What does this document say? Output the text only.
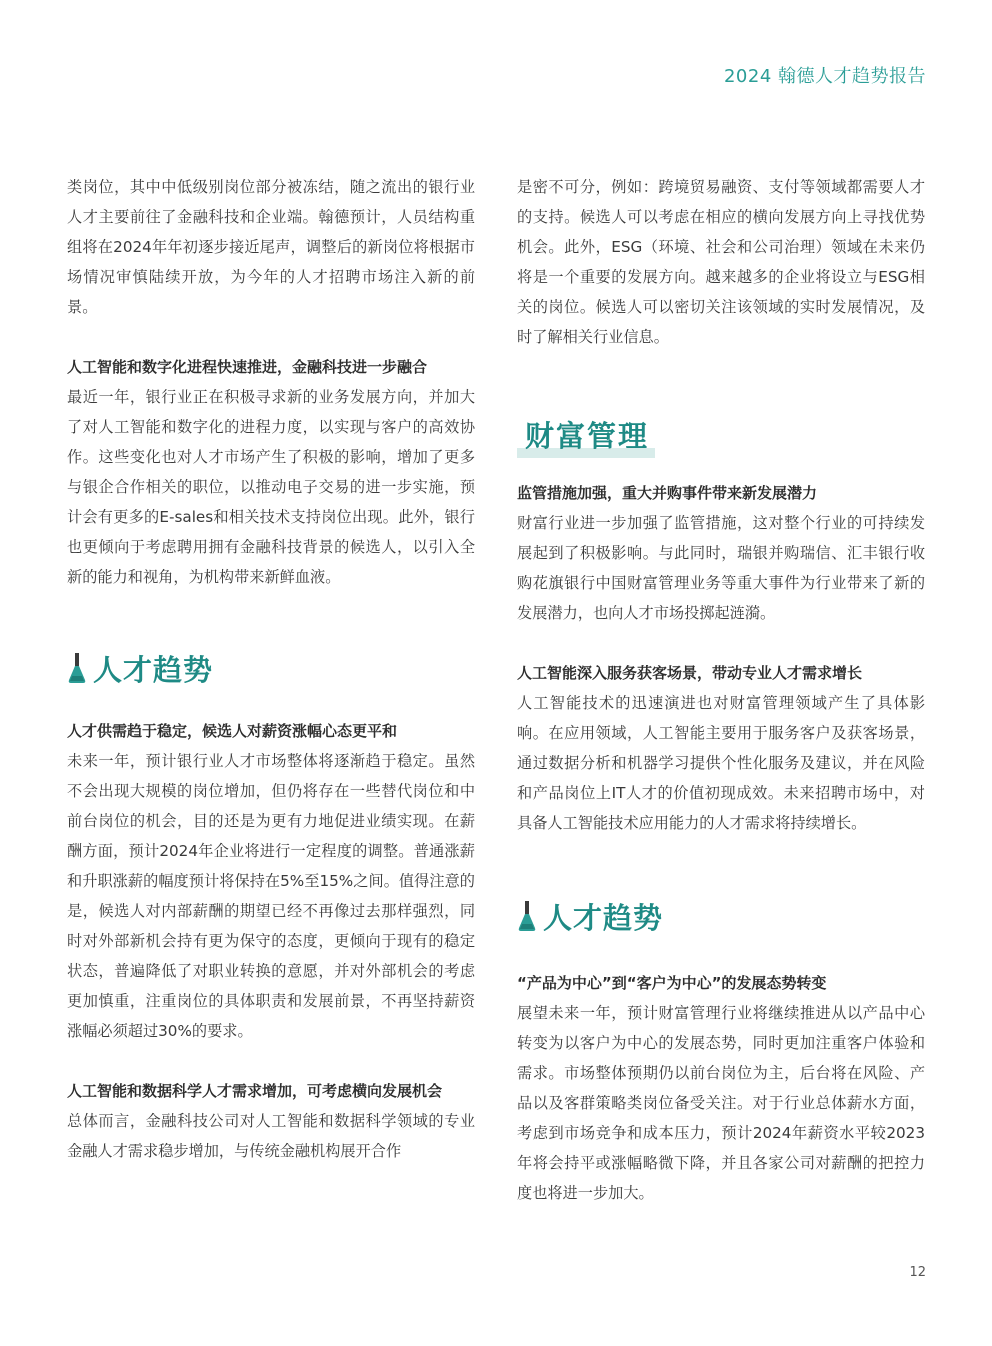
2024 翰德人才趋势报告

类岗位，其中中低级别岗位部分被冻结，随之流出的银行业人才主要前往了金融科技和企业端。翰德预计，人员结构重组将在2024年年初逐步接近尾声，调整后的新岗位将根据市场情况审慎陆续开放，为今年的人才招聘市场注入新的前景。

人工智能和数字化进程快速推进，金融科技进一步融合

最近一年，银行业正在积极寻求新的业务发展方向，并加大了对人工智能和数字化的进程力度，以实现与客户的高效协作。这些变化也对人才市场产生了积极的影响，增加了更多与银企合作相关的职位，以推动电子交易的进一步实施，预计会有更多的E-sales和相关技术支持岗位出现。此外，银行也更倾向于考虑聘用拥有金融科技背景的候选人，以引入全新的能力和视角，为机构带来新鲜血液。

人才趋势

人才供需趋于稳定，候选人对薪资涨幅心态更平和

未来一年，预计银行业人才市场整体将逐渐趋于稳定。虽然不会出现大规模的岗位增加，但仍将存在一些替代岗位和中前台岗位的机会，目的还是为更有力地促进业绩实现。在薪酬方面，预计2024年企业将进行一定程度的调整。普通涨薪和升职涨薪的幅度预计将保持在5%至15%之间。值得注意的是，候选人对内部薪酬的期望已经不再像过去那样强烈，同时对外部新机会持有更为保守的态度，更倾向于现有的稳定状态，普遍降低了对职业转换的意愿，并对外部机会的考虑更加慎重，注重岗位的具体职责和发展前景，不再坚持薪资涨幅必须超过30%的要求。

人工智能和数据科学人才需求增加，可考虑横向发展机会

总体而言，金融科技公司对人工智能和数据科学领域的专业金融人才需求稳步增加，与传统金融机构展开合作

是密不可分，例如：跨境贸易融资、支付等领域都需要人才的支持。候选人可以考虑在相应的横向发展方向上寻找优势机会。此外，ESG（环境、社会和公司治理）领域在未来仍将是一个重要的发展方向。越来越多的企业将设立与ESG相关的岗位。候选人可以密切关注该领域的实时发展情况，及时了解相关行业信息。

财富管理

监管措施加强，重大并购事件带来新发展潜力

财富行业进一步加强了监管措施，这对整个行业的可持续发展起到了积极影响。与此同时，瑞银并购瑞信、汇丰银行收购花旗银行中国财富管理业务等重大事件为行业带来了新的发展潜力，也向人才市场投掷起涟漪。

人工智能深入服务获客场景，带动专业人才需求增长

人工智能技术的迅速演进也对财富管理领域产生了具体影响。在应用领域，人工智能主要用于服务客户及获客场景，通过数据分析和机器学习提供个性化服务及建议，并在风险和产品岗位上IT人才的价值初现成效。未来招聘市场中，对具备人工智能技术应用能力的人才需求将持续增长。

人才趋势

“产品为中心”到“客户为中心”的发展态势转变

展望未来一年，预计财富管理行业将继续推进从以产品中心转变为以客户为中心的发展态势，同时更加注重客户体验和需求。市场整体预期仍以前台岗位为主，后台将在风险、产品以及客群策略类岗位备受关注。对于行业总体薪水方面，考虑到市场竞争和成本压力，预计2024年薪资水平较2023年将会持平或涨幅略微下降，并且各家公司对薪酬的把控力度也将进一步加大。

12
